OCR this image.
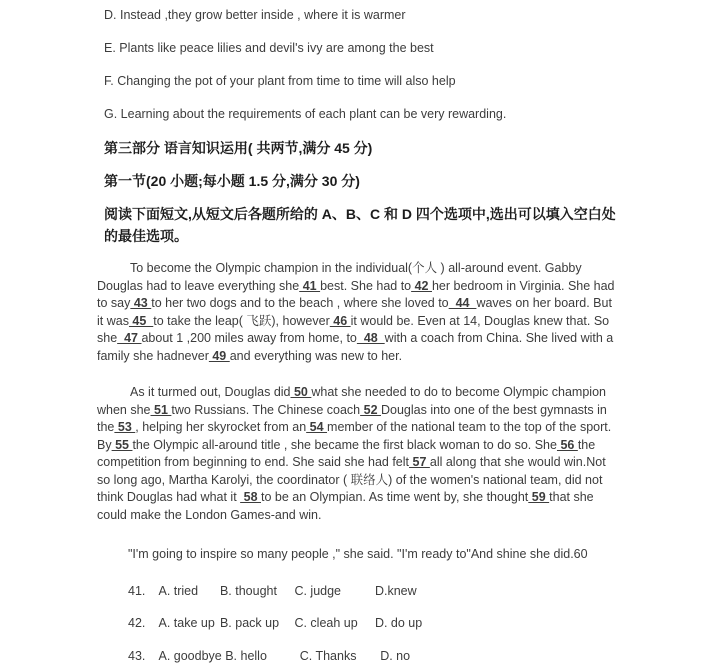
D. Instead ,they grow better inside , where it is warmer
E. Plants like peace lilies and devil's ivy are among the best
F. Changing the pot of your plant from time to time will also help
G. Learning about the requirements of each plant can be very rewarding.
第三部分 语言知识运用( 共两节,满分 45 分)
第一节(20 小题;每小题 1.5 分,满分 30 分)
阅读下面短文,从短文后各题所给的 A、B、C 和 D 四个选项中,选出可以填入空白处的最佳选项。
To become the Olympic champion in the individual(个人 ) all-around event. Gabby Douglas had to leave everything she 41 best. She had to 42 her bedroom in Virginia. She had to say 43 to her two dogs and to the beach , where she loved to  44  waves on her board. But it was 45  to take the leap( 飞跃), however 46 it would be. Even at 14, Douglas knew that. So she  47 about 1 ,200 miles away from home, to  48  with a coach from China. She lived with a family she hadnever 49 and everything was new to her.
As it turmed out, Douglas did 50 what she needed to do to become Olympic champion when she 51 two Russians. The Chinese coach 52 Douglas into one of the best gymnasts in the 53 , helping her skyrocket from an 54 member of the national team to the top of the sport. By 55 the Olympic all-around title , she became the first black woman to do so. She 56 the competition from beginning to end. She said she had felt 57 all along that she would win.Not so long ago, Martha Karolyi, the coordinator ( 联络人) of the women's national team, did not think Douglas had what it  58 to be an Olympian. As time went by, she thought 59 that she could make the London Games-and win.
"I'm going to inspire so many people ," she said. "I'm ready to"And shine she did.60
41. A. tried B. thought C. judge	D.knew
42. A. take up B. pack up C. cleah up D. do up
43. A. goodbye B. hello	C. Thanks D. no
